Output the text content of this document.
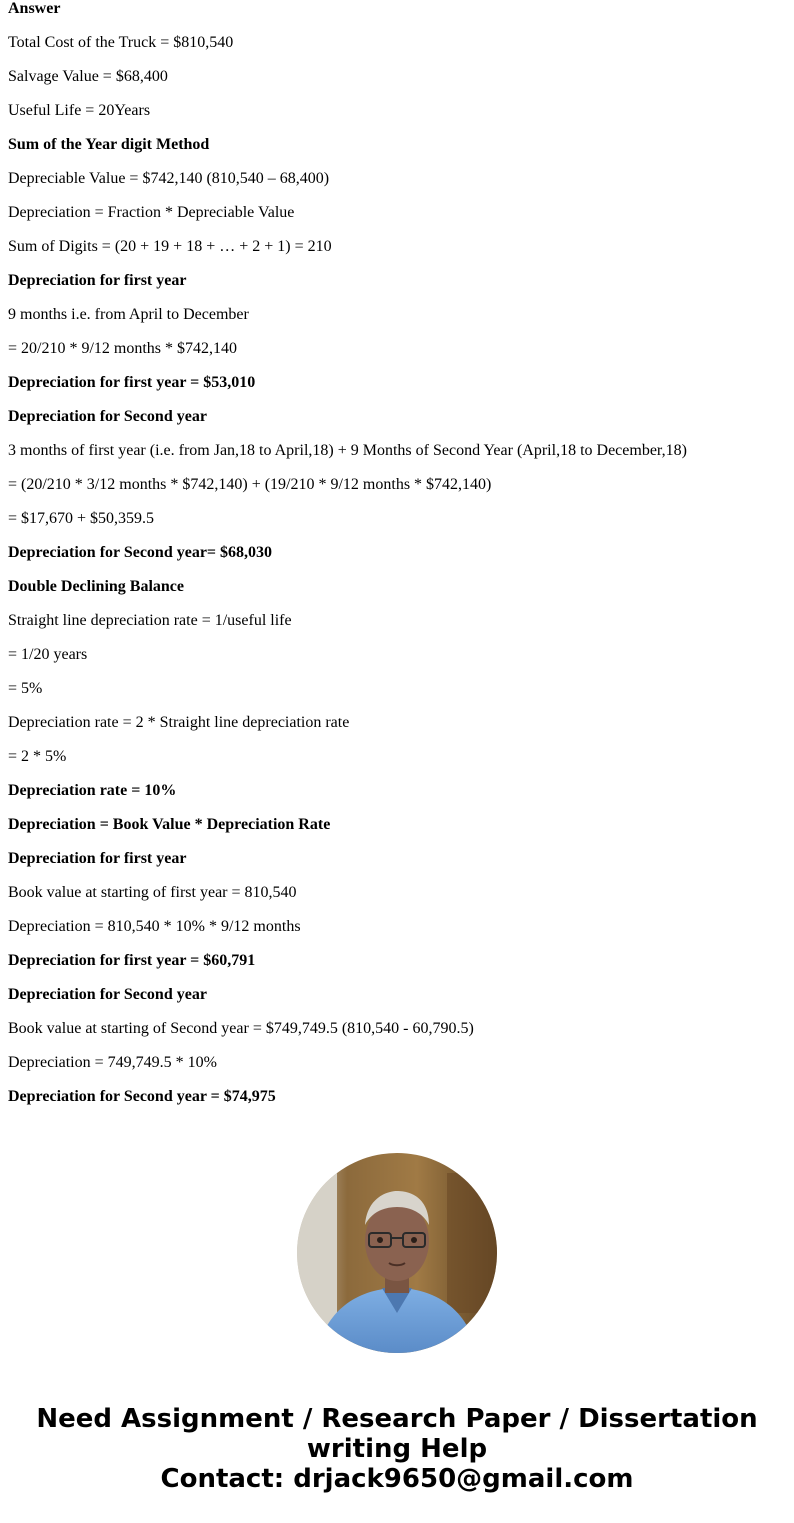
Answer
Total Cost of the Truck = $810,540
Salvage Value = $68,400
Useful Life = 20Years
Sum of the Year digit Method
Depreciable Value = $742,140 (810,540 – 68,400)
Depreciation = Fraction * Depreciable Value
Sum of Digits = (20 + 19 + 18 + … + 2 + 1) = 210
Depreciation for first year
9 months i.e. from April to December
= 20/210 * 9/12 months * $742,140
Depreciation for first year = $53,010
Depreciation for Second year
3 months of first year (i.e. from Jan,18 to April,18) + 9 Months of Second Year (April,18 to December,18)
= (20/210 * 3/12 months * $742,140) + (19/210 * 9/12 months * $742,140)
= $17,670 + $50,359.5
Depreciation for Second year= $68,030
Double Declining Balance
Straight line depreciation rate = 1/useful life
= 1/20 years
= 5%
Depreciation rate = 2 * Straight line depreciation rate
= 2 * 5%
Depreciation rate = 10%
Depreciation = Book Value * Depreciation Rate
Depreciation for first year
Book value at starting of first year = 810,540
Depreciation = 810,540 * 10% * 9/12 months
Depreciation for first year = $60,791
Depreciation for Second year
Book value at starting of Second year = $749,749.5 (810,540 - 60,790.5)
Depreciation = 749,749.5 * 10%
Depreciation for Second year = $74,975
Need Assignment / Research Paper / Dissertation
writing Help
Contact: drjack9650@gmail.com
